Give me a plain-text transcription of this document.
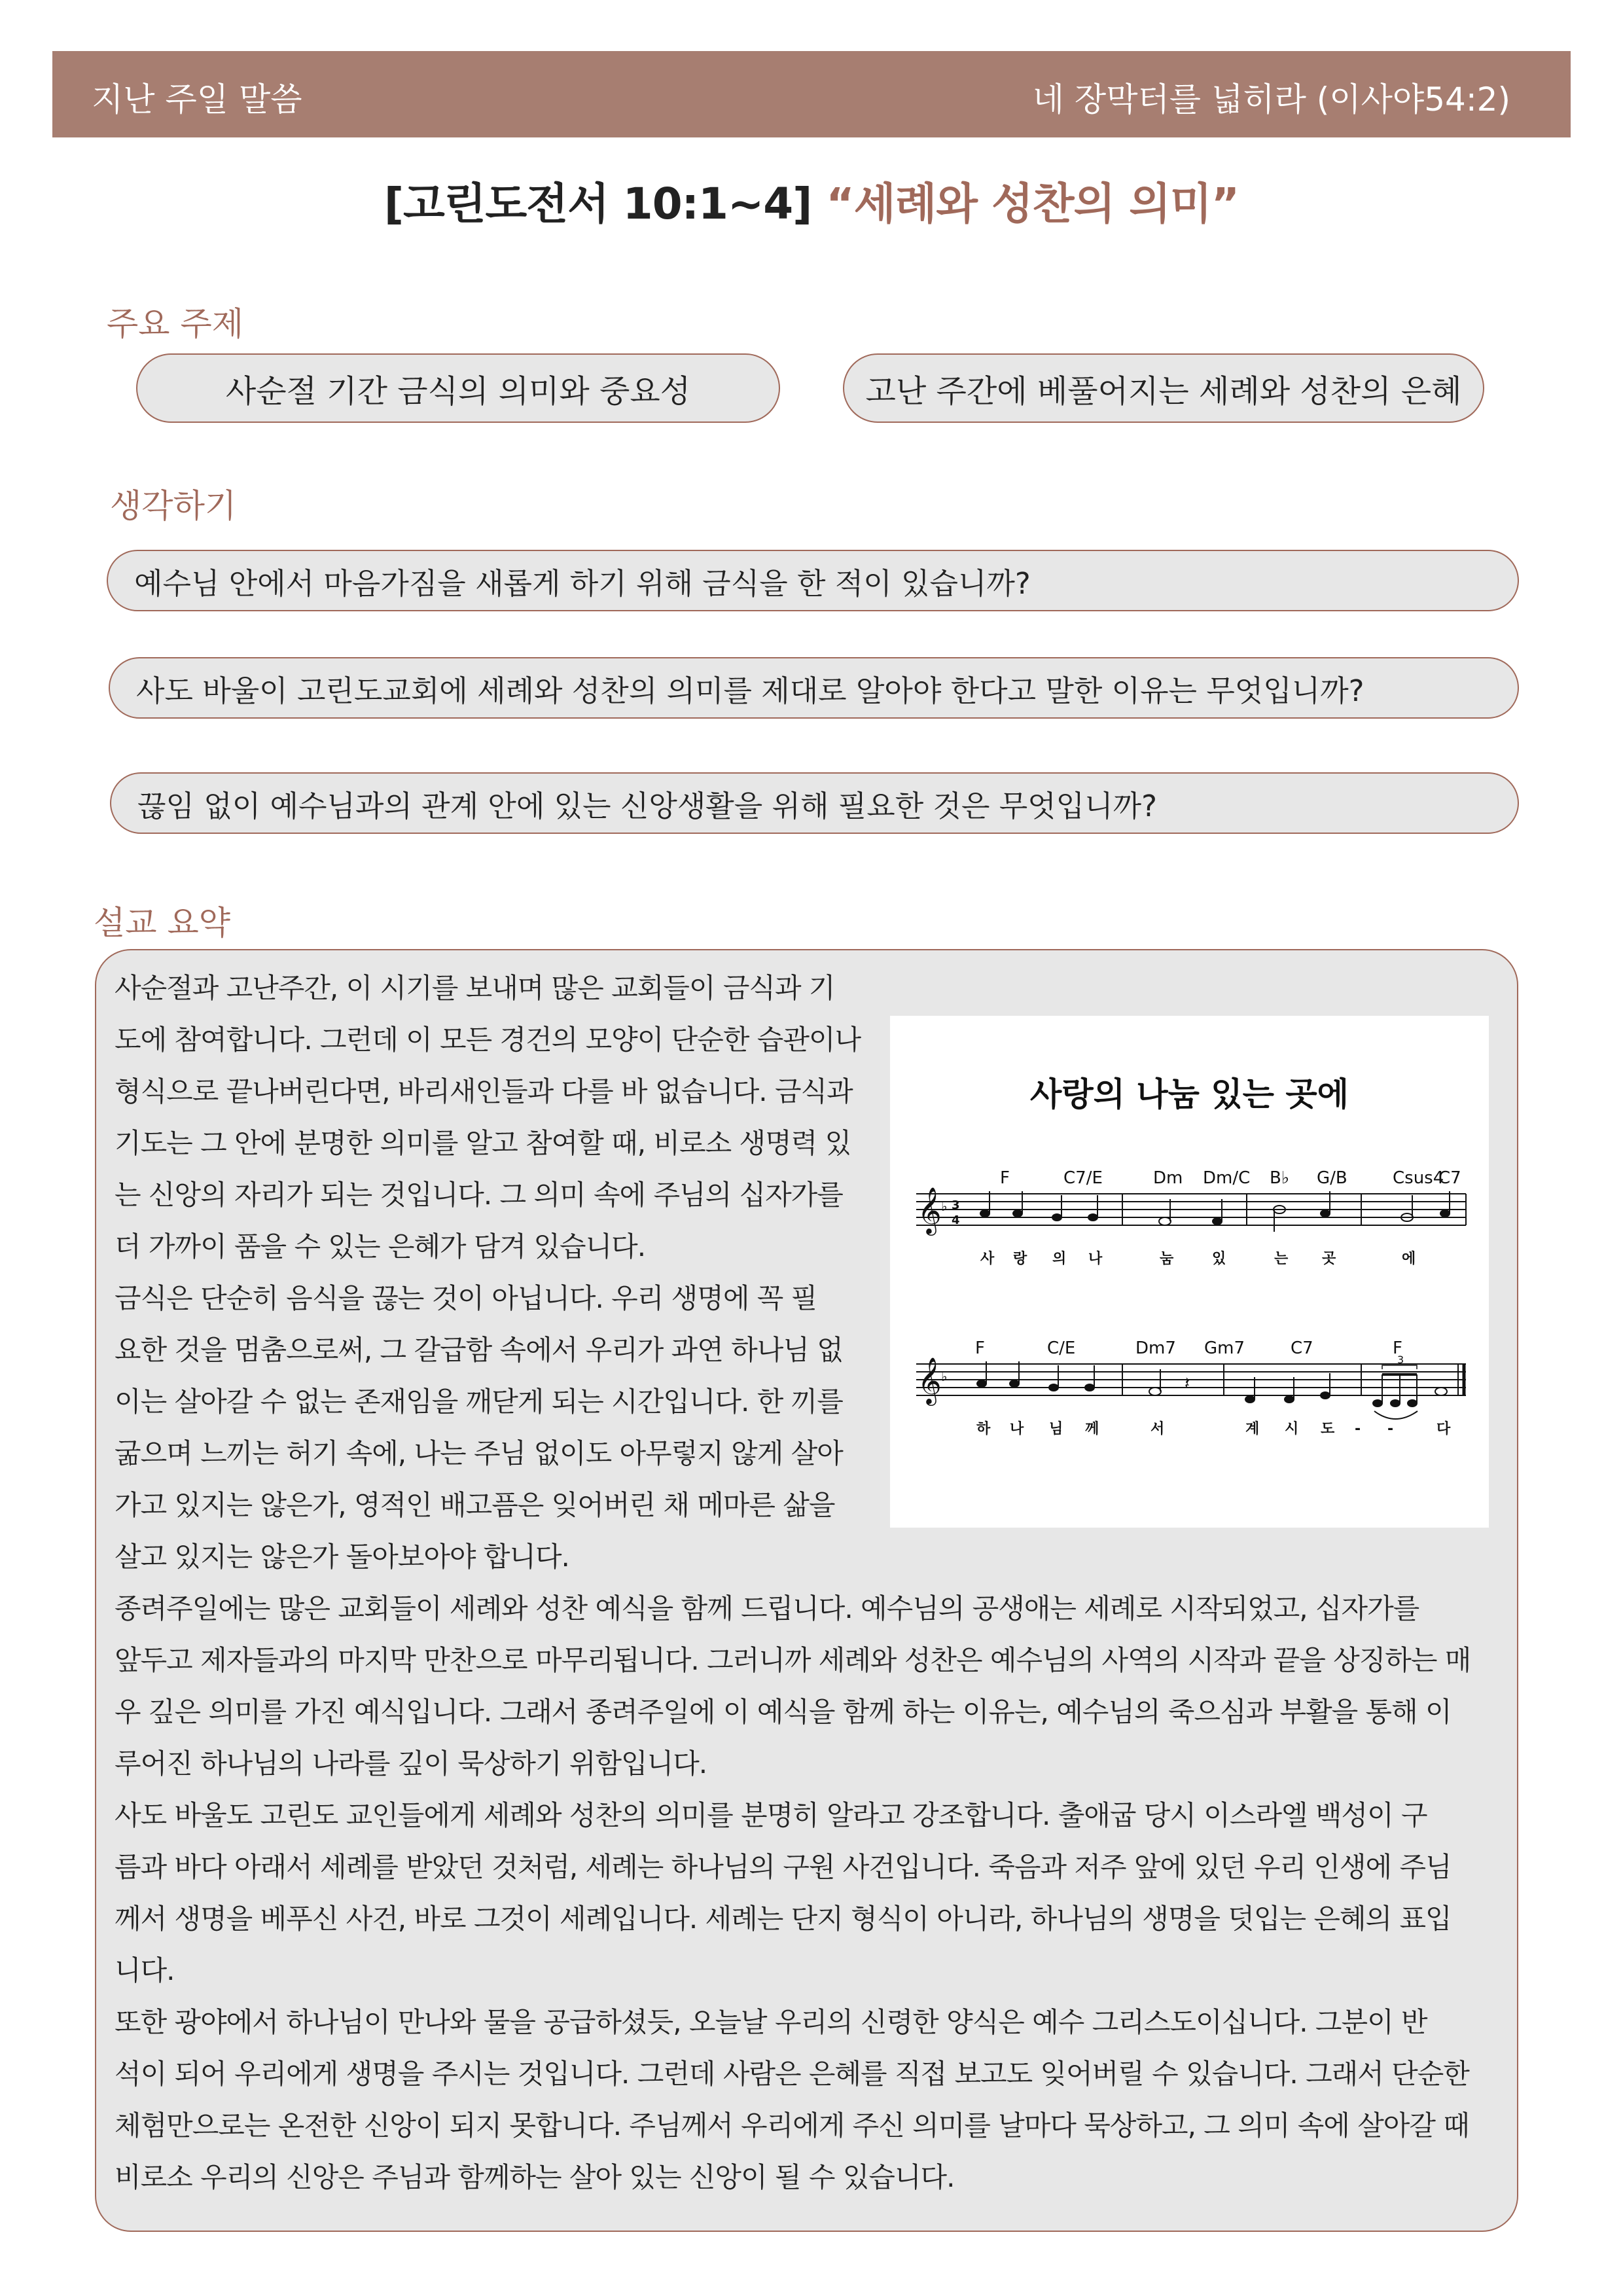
지난 주일 말씀	네 장막터를 넓히라 (이사야54:2)
[고린도전서 10:1~4] “세례와 성찬의 의미”
주요 주제
사순절 기간 금식의 의미와 중요성	고난 주간에 베풀어지는 세례와 성찬의 은혜
생각하기
예수님 안에서 마음가짐을 새롭게 하기 위해 금식을 한 적이 있습니까?
사도 바울이 고린도교회에 세례와 성찬의 의미를 제대로 알아야 한다고 말한 이유는 무엇입니까?
끊임 없이 예수님과의 관계 안에 있는 신앙생활을 위해 필요한 것은 무엇입니까?
설교 요약

사순절과 고난주간, 이 시기를 보내며 많은 교회들이 금식과 기
도에 참여합니다. 그런데 이 모든 경건의 모양이 단순한 습관이나
형식으로 끝나버린다면, 바리새인들과 다를 바 없습니다. 금식과
기도는 그 안에 분명한 의미를 알고 참여할 때, 비로소 생명력 있
는 신앙의 자리가 되는 것입니다. 그 의미 속에 주님의 십자가를
더 가까이 품을 수 있는 은혜가 담겨 있습니다.
금식은 단순히 음식을 끊는 것이 아닙니다. 우리 생명에 꼭 필
요한 것을 멈춤으로써, 그 갈급함 속에서 우리가 과연 하나님 없
이는 살아갈 수 없는 존재임을 깨닫게 되는 시간입니다. 한 끼를
굶으며 느끼는 허기 속에, 나는 주님 없이도 아무렇지 않게 살아
가고 있지는 않은가, 영적인 배고픔은 잊어버린 채 메마른 삶을
살고 있지는 않은가 돌아보아야 합니다.

종려주일에는 많은 교회들이 세례와 성찬 예식을 함께 드립니다. 예수님의 공생애는 세례로 시작되었고, 십자가를
앞두고 제자들과의 마지막 만찬으로 마무리됩니다. 그러니까 세례와 성찬은 예수님의 사역의 시작과 끝을 상징하는 매
우 깊은 의미를 가진 예식입니다. 그래서 종려주일에 이 예식을 함께 하는 이유는, 예수님의 죽으심과 부활을 통해 이
루어진 하나님의 나라를 깊이 묵상하기 위함입니다.
사도 바울도 고린도 교인들에게 세례와 성찬의 의미를 분명히 알라고 강조합니다. 출애굽 당시 이스라엘 백성이 구
름과 바다 아래서 세례를 받았던 것처럼, 세례는 하나님의 구원 사건입니다. 죽음과 저주 앞에 있던 우리 인생에 주님
께서 생명을 베푸신 사건, 바로 그것이 세례입니다. 세례는 단지 형식이 아니라, 하나님의 생명을 덧입는 은혜의 표입
니다.
또한 광야에서 하나님이 만나와 물을 공급하셨듯, 오늘날 우리의 신령한 양식은 예수 그리스도이십니다. 그분이 반
석이 되어 우리에게 생명을 주시는 것입니다. 그런데 사람은 은혜를 직접 보고도 잊어버릴 수 있습니다. 그래서 단순한
체험만으로는 온전한 신앙이 되지 못합니다. 주님께서 우리에게 주신 의미를 날마다 묵상하고, 그 의미 속에 살아갈 때
비로소 우리의 신앙은 주님과 함께하는 살아 있는 신앙이 될 수 있습니다.

사랑의 나눔 있는 곳에
𝄞 ♭ 3
4
F	C7/E	Dm Dm/C B♭ G/B	Csus4
C7
사 랑 의 나	눔	있	는 곳	에
𝄞 ♭	𝄽
3
F	C/E	Dm7 Gm7	C7	F
하 나 님 께	서	계 시 도 - -	다
